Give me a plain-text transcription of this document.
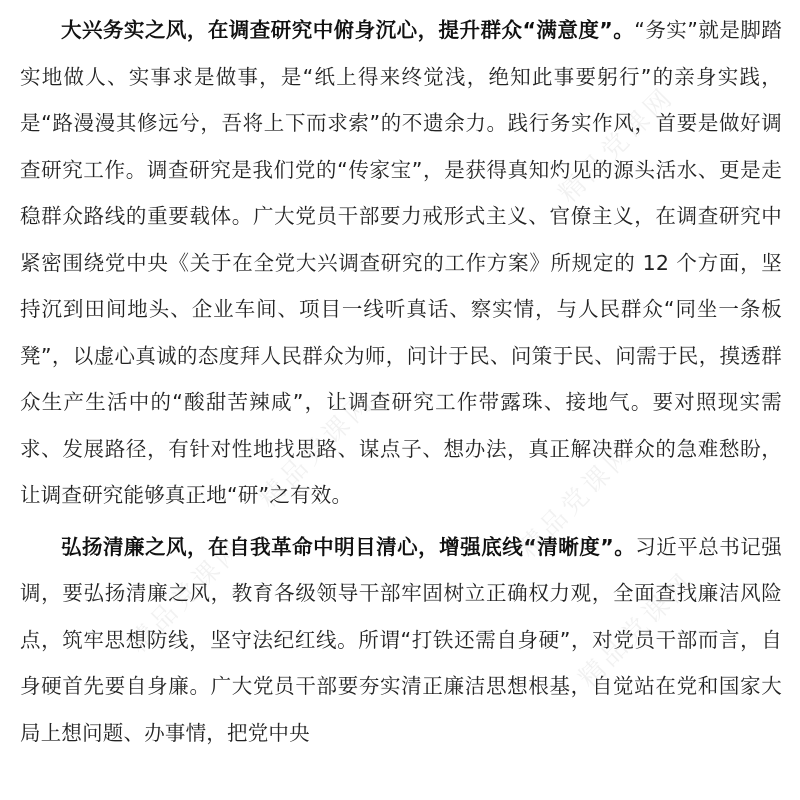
大兴务实之风，在调查研究中俯身沉心，提升群众“满意度”。“务实”就是脚踏实地做人、实事求是做事，是“纸上得来终觉浅，绝知此事要躬行”的亲身实践，是“路漫漫其修远兮，吾将上下而求索”的不遗余力。践行务实作风，首要是做好调查研究工作。调查研究是我们党的“传家宝”，是获得真知灼见的源头活水、更是走稳群众路线的重要载体。广大党员干部要力戒形式主义、官僚主义，在调查研究中紧密围绕党中央《关于在全党大兴调查研究的工作方案》所规定的 12 个方面，坚持沉到田间地头、企业车间、项目一线听真话、察实情，与人民群众“同坐一条板凳”，以虚心真诚的态度拜人民群众为师，问计于民、问策于民、问需于民，摸透群众生产生活中的“酸甜苦辣咸”，让调查研究工作带露珠、接地气。要对照现实需求、发展路径，有针对性地找思路、谋点子、想办法，真正解决群众的急难愁盼，让调查研究能够真正地“研”之有效。

弘扬清廉之风，在自我革命中明目清心，增强底线“清晰度”。习近平总书记强调，要弘扬清廉之风，教育各级领导干部牢固树立正确权力观，全面查找廉洁风险点，筑牢思想防线，坚守法纪红线。所谓“打铁还需自身硬”，对党员干部而言，自身硬首先要自身廉。广大党员干部要夯实清正廉洁思想根基，自觉站在党和国家大局上想问题、办事情，把党中央

精品党课网
精品党课网	精品党课网
精品党课网	精品党课网
